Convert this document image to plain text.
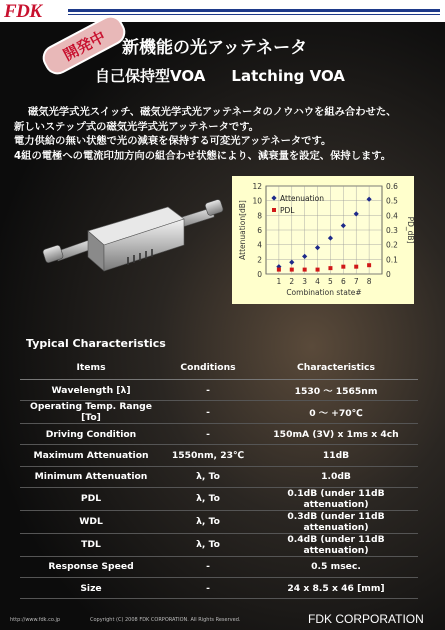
FDK
開発中 新機能の光アッテネータ
自己保持型VOA     Latching VOA

磁気光学式光スイッチ、磁気光学式光アッテネータのノウハウを組み合わせた、

新しいステップ式の磁気光学式光アッテネータです。

電力供給の無い状態で光の減衰を保持する可変光アッテネータです。

4組の電極への電流印加方向の組合わせ状態により、減衰量を設定、保持します。

0
2
4
6
8
10
12
0
0.1
0.2
0.3
0.4
0.5
0.6
1 2 3 4 5 6 7 8
Combination state#
Attenuation[dB]	PD_dB]
Attenuation
PDL
Typical Characteristics
Items	Conditions	Characteristics
Wavelength [λ]	-	1530 ～ 1565nm
Operating Temp. Range [To]	-	0 ～ +70℃
Driving Condition	-	150mA (3V) x 1ms x 4ch
Maximum Attenuation	1550nm, 23℃	11dB
Minimum Attenuation	λ, To	1.0dB
PDL	λ, To	0.1dB (under 11dB attenuation)
WDL	λ, To	0.3dB (under 11dB attenuation)
TDL	λ, To	0.4dB (under 11dB attenuation)
Response Speed	-	0.5 msec.
Size	-	24 x 8.5 x 46 [mm]
http://www.fdk.co.jp	Copyright (C) 2008 FDK CORPORATION. All Rights Reserved.	FDK CORPORATION
